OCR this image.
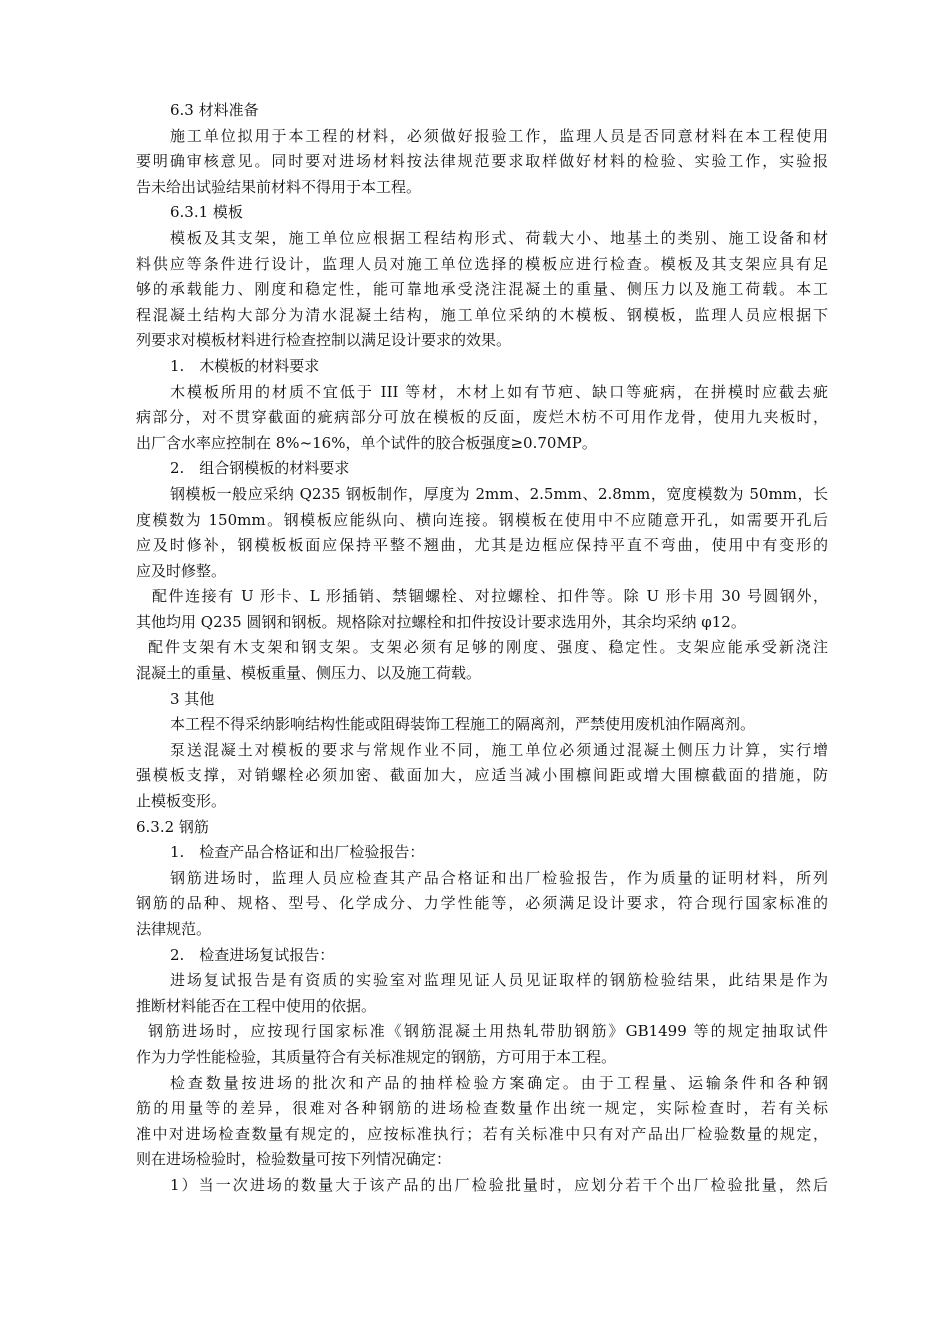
6.3 材料准备
施工单位拟用于本工程的材料，必须做好报验工作，监理人员是否同意材料在本工程使用
要明确审核意见。同时要对进场材料按法律规范要求取样做好材料的检验、实验工作，实验报
告未给出试验结果前材料不得用于本工程。
6.3.1 模板
模板及其支架，施工单位应根据工程结构形式、荷载大小、地基土的类别、施工设备和材
料供应等条件进行设计，监理人员对施工单位选择的模板应进行检查。模板及其支架应具有足
够的承载能力、刚度和稳定性，能可靠地承受浇注混凝土的重量、侧压力以及施工荷载。本工
程混凝土结构大部分为清水混凝土结构，施工单位采纳的木模板、钢模板，监理人员应根据下
列要求对模板材料进行检查控制以满足设计要求的效果。
1.　木模板的材料要求
木模板所用的材质不宜低于 III 等材，木材上如有节疤、缺口等疵病，在拼模时应截去疵
病部分，对不贯穿截面的疵病部分可放在模板的反面，废烂木枋不可用作龙骨，使用九夹板时，
出厂含水率应控制在 8%~16%，单个试件的胶合板强度≥0.70MP。
2.　组合钢模板的材料要求
钢模板一般应采纳 Q235 钢板制作，厚度为 2mm、2.5mm、2.8mm，宽度模数为 50mm，长
度模数为 150mm。钢模板应能纵向、横向连接。钢模板在使用中不应随意开孔，如需要开孔后
应及时修补，钢模板板面应保持平整不翘曲，尤其是边框应保持平直不弯曲，使用中有变形的
应及时修整。
配件连接有 U 形卡、L 形插销、禁锢螺栓、对拉螺栓、扣件等。除 U 形卡用 30 号圆钢外，
其他均用 Q235 圆钢和钢板。规格除对拉螺栓和扣件按设计要求选用外，其余均采纳 φ12。
配件支架有木支架和钢支架。支架必须有足够的刚度、强度、稳定性。支架应能承受新浇注
混凝土的重量、模板重量、侧压力、以及施工荷载。
3 其他
本工程不得采纳影响结构性能或阻碍装饰工程施工的隔离剂，严禁使用废机油作隔离剂。
泵送混凝土对模板的要求与常规作业不同，施工单位必须通过混凝土侧压力计算，实行增
强模板支撑，对销螺栓必须加密、截面加大，应适当减小围檩间距或增大围檩截面的措施，防
止模板变形。
6.3.2 钢筋
1.　检查产品合格证和出厂检验报告：
钢筋进场时，监理人员应检查其产品合格证和出厂检验报告，作为质量的证明材料，所列
钢筋的品种、规格、型号、化学成分、力学性能等，必须满足设计要求，符合现行国家标准的
法律规范。
2.　检查进场复试报告：
进场复试报告是有资质的实验室对监理见证人员见证取样的钢筋检验结果，此结果是作为
推断材料能否在工程中使用的依据。
钢筋进场时，应按现行国家标准《钢筋混凝土用热轧带肋钢筋》GB1499 等的规定抽取试件
作为力学性能检验，其质量符合有关标准规定的钢筋，方可用于本工程。
检查数量按进场的批次和产品的抽样检验方案确定。由于工程量、运输条件和各种钢
筋的用量等的差异，很难对各种钢筋的进场检查数量作出统一规定，实际检查时，若有关标
准中对进场检查数量有规定的，应按标准执行；若有关标准中只有对产品出厂检验数量的规定，
则在进场检验时，检验数量可按下列情况确定：
1）当一次进场的数量大于该产品的出厂检验批量时，应划分若干个出厂检验批量，然后
